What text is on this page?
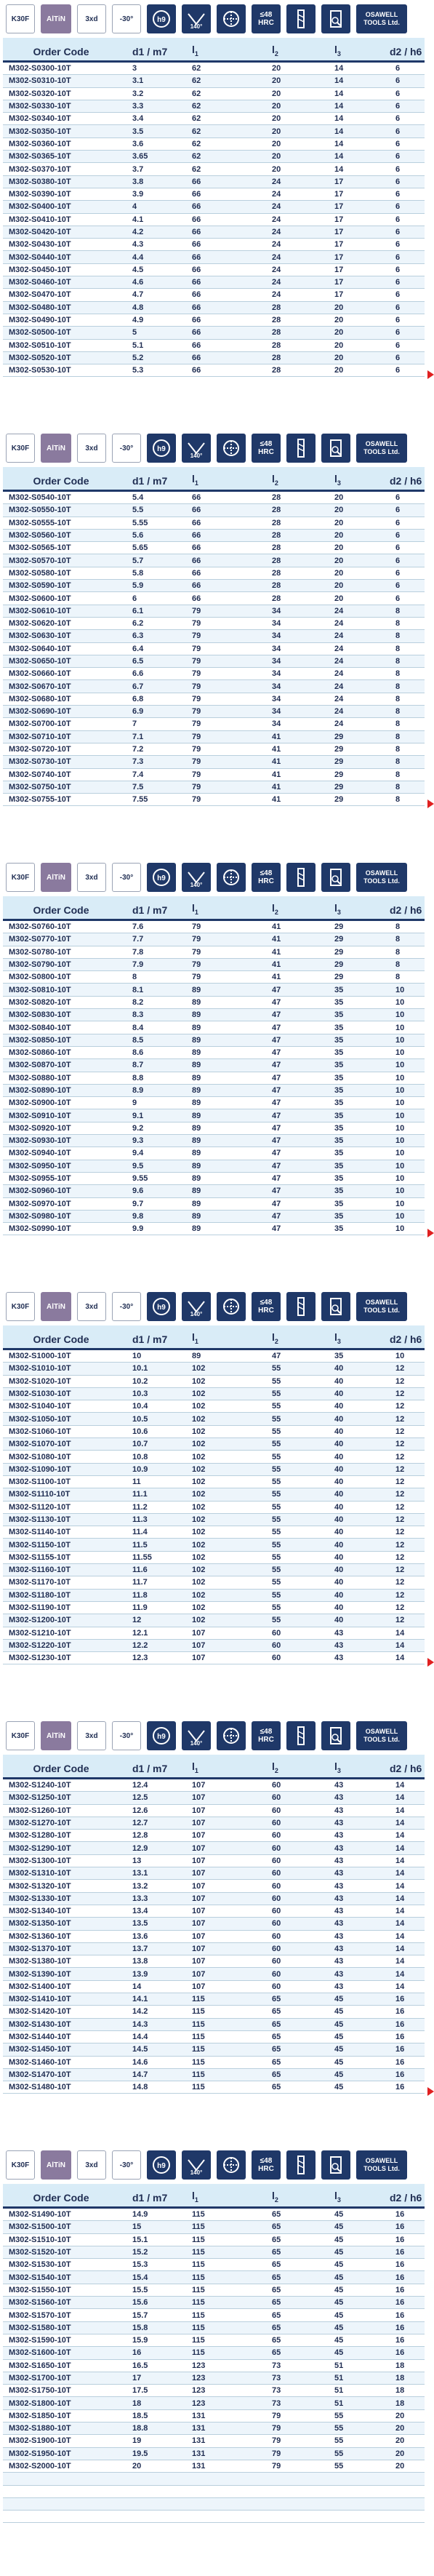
K30F	AlTiN	3xd	-30°	h9
140°
≤48 HRC
OSAWELL TOOLS Ltd.
Order Code	d1 / m7	$l_1$	$l_2$	$l_3$	d2 / h6
M302-S0300-10T	3	62	20	14	6
M302-S0310-10T	3.1	62	20	14	6
M302-S0320-10T	3.2	62	20	14	6
M302-S0330-10T	3.3	62	20	14	6
M302-S0340-10T	3.4	62	20	14	6
M302-S0350-10T	3.5	62	20	14	6
M302-S0360-10T	3.6	62	20	14	6
M302-S0365-10T	3.65	62	20	14	6
M302-S0370-10T	3.7	62	20	14	6
M302-S0380-10T	3.8	66	24	17	6
M302-S0390-10T	3.9	66	24	17	6
M302-S0400-10T	4	66	24	17	6
M302-S0410-10T	4.1	66	24	17	6
M302-S0420-10T	4.2	66	24	17	6
M302-S0430-10T	4.3	66	24	17	6
M302-S0440-10T	4.4	66	24	17	6
M302-S0450-10T	4.5	66	24	17	6
M302-S0460-10T	4.6	66	24	17	6
M302-S0470-10T	4.7	66	24	17	6
M302-S0480-10T	4.8	66	28	20	6
M302-S0490-10T	4.9	66	28	20	6
M302-S0500-10T	5	66	28	20	6
M302-S0510-10T	5.1	66	28	20	6
M302-S0520-10T	5.2	66	28	20	6
M302-S0530-10T	5.3	66	28	20	6
K30F	AlTiN	3xd	-30°	h9
140°
≤48 HRC
OSAWELL TOOLS Ltd.
Order Code	d1 / m7	$l_1$	$l_2$	$l_3$	d2 / h6
M302-S0540-10T	5.4	66	28	20	6
M302-S0550-10T	5.5	66	28	20	6
M302-S0555-10T	5.55	66	28	20	6
M302-S0560-10T	5.6	66	28	20	6
M302-S0565-10T	5.65	66	28	20	6
M302-S0570-10T	5.7	66	28	20	6
M302-S0580-10T	5.8	66	28	20	6
M302-S0590-10T	5.9	66	28	20	6
M302-S0600-10T	6	66	28	20	6
M302-S0610-10T	6.1	79	34	24	8
M302-S0620-10T	6.2	79	34	24	8
M302-S0630-10T	6.3	79	34	24	8
M302-S0640-10T	6.4	79	34	24	8
M302-S0650-10T	6.5	79	34	24	8
M302-S0660-10T	6.6	79	34	24	8
M302-S0670-10T	6.7	79	34	24	8
M302-S0680-10T	6.8	79	34	24	8
M302-S0690-10T	6.9	79	34	24	8
M302-S0700-10T	7	79	34	24	8
M302-S0710-10T	7.1	79	41	29	8
M302-S0720-10T	7.2	79	41	29	8
M302-S0730-10T	7.3	79	41	29	8
M302-S0740-10T	7.4	79	41	29	8
M302-S0750-10T	7.5	79	41	29	8
M302-S0755-10T	7.55	79	41	29	8
K30F	AlTiN	3xd	-30°	h9
140°
≤48 HRC
OSAWELL TOOLS Ltd.
Order Code	d1 / m7	$l_1$	$l_2$	$l_3$	d2 / h6
M302-S0760-10T	7.6	79	41	29	8
M302-S0770-10T	7.7	79	41	29	8
M302-S0780-10T	7.8	79	41	29	8
M302-S0790-10T	7.9	79	41	29	8
M302-S0800-10T	8	79	41	29	8
M302-S0810-10T	8.1	89	47	35	10
M302-S0820-10T	8.2	89	47	35	10
M302-S0830-10T	8.3	89	47	35	10
M302-S0840-10T	8.4	89	47	35	10
M302-S0850-10T	8.5	89	47	35	10
M302-S0860-10T	8.6	89	47	35	10
M302-S0870-10T	8.7	89	47	35	10
M302-S0880-10T	8.8	89	47	35	10
M302-S0890-10T	8.9	89	47	35	10
M302-S0900-10T	9	89	47	35	10
M302-S0910-10T	9.1	89	47	35	10
M302-S0920-10T	9.2	89	47	35	10
M302-S0930-10T	9.3	89	47	35	10
M302-S0940-10T	9.4	89	47	35	10
M302-S0950-10T	9.5	89	47	35	10
M302-S0955-10T	9.55	89	47	35	10
M302-S0960-10T	9.6	89	47	35	10
M302-S0970-10T	9.7	89	47	35	10
M302-S0980-10T	9.8	89	47	35	10
M302-S0990-10T	9.9	89	47	35	10
K30F	AlTiN	3xd	-30°	h9
140°
≤48 HRC
OSAWELL TOOLS Ltd.
Order Code	d1 / m7	$l_1$	$l_2$	$l_3$	d2 / h6
M302-S1000-10T	10	89	47	35	10
M302-S1010-10T	10.1	102	55	40	12
M302-S1020-10T	10.2	102	55	40	12
M302-S1030-10T	10.3	102	55	40	12
M302-S1040-10T	10.4	102	55	40	12
M302-S1050-10T	10.5	102	55	40	12
M302-S1060-10T	10.6	102	55	40	12
M302-S1070-10T	10.7	102	55	40	12
M302-S1080-10T	10.8	102	55	40	12
M302-S1090-10T	10.9	102	55	40	12
M302-S1100-10T	11	102	55	40	12
M302-S1110-10T	11.1	102	55	40	12
M302-S1120-10T	11.2	102	55	40	12
M302-S1130-10T	11.3	102	55	40	12
M302-S1140-10T	11.4	102	55	40	12
M302-S1150-10T	11.5	102	55	40	12
M302-S1155-10T	11.55	102	55	40	12
M302-S1160-10T	11.6	102	55	40	12
M302-S1170-10T	11.7	102	55	40	12
M302-S1180-10T	11.8	102	55	40	12
M302-S1190-10T	11.9	102	55	40	12
M302-S1200-10T	12	102	55	40	12
M302-S1210-10T	12.1	107	60	43	14
M302-S1220-10T	12.2	107	60	43	14
M302-S1230-10T	12.3	107	60	43	14
K30F	AlTiN	3xd	-30°	h9
140°
≤48 HRC
OSAWELL TOOLS Ltd.
Order Code	d1 / m7	$l_1$	$l_2$	$l_3$	d2 / h6
M302-S1240-10T	12.4	107	60	43	14
M302-S1250-10T	12.5	107	60	43	14
M302-S1260-10T	12.6	107	60	43	14
M302-S1270-10T	12.7	107	60	43	14
M302-S1280-10T	12.8	107	60	43	14
M302-S1290-10T	12.9	107	60	43	14
M302-S1300-10T	13	107	60	43	14
M302-S1310-10T	13.1	107	60	43	14
M302-S1320-10T	13.2	107	60	43	14
M302-S1330-10T	13.3	107	60	43	14
M302-S1340-10T	13.4	107	60	43	14
M302-S1350-10T	13.5	107	60	43	14
M302-S1360-10T	13.6	107	60	43	14
M302-S1370-10T	13.7	107	60	43	14
M302-S1380-10T	13.8	107	60	43	14
M302-S1390-10T	13.9	107	60	43	14
M302-S1400-10T	14	107	60	43	14
M302-S1410-10T	14.1	115	65	45	16
M302-S1420-10T	14.2	115	65	45	16
M302-S1430-10T	14.3	115	65	45	16
M302-S1440-10T	14.4	115	65	45	16
M302-S1450-10T	14.5	115	65	45	16
M302-S1460-10T	14.6	115	65	45	16
M302-S1470-10T	14.7	115	65	45	16
M302-S1480-10T	14.8	115	65	45	16
K30F	AlTiN	3xd	-30°	h9
140°
≤48 HRC
OSAWELL TOOLS Ltd.
Order Code	d1 / m7	$l_1$	$l_2$	$l_3$	d2 / h6
M302-S1490-10T	14.9	115	65	45	16
M302-S1500-10T	15	115	65	45	16
M302-S1510-10T	15.1	115	65	45	16
M302-S1520-10T	15.2	115	65	45	16
M302-S1530-10T	15.3	115	65	45	16
M302-S1540-10T	15.4	115	65	45	16
M302-S1550-10T	15.5	115	65	45	16
M302-S1560-10T	15.6	115	65	45	16
M302-S1570-10T	15.7	115	65	45	16
M302-S1580-10T	15.8	115	65	45	16
M302-S1590-10T	15.9	115	65	45	16
M302-S1600-10T	16	115	65	45	16
M302-S1650-10T	16.5	123	73	51	18
M302-S1700-10T	17	123	73	51	18
M302-S1750-10T	17.5	123	73	51	18
M302-S1800-10T	18	123	73	51	18
M302-S1850-10T	18.5	131	79	55	20
M302-S1880-10T	18.8	131	79	55	20
M302-S1900-10T	19	131	79	55	20
M302-S1950-10T	19.5	131	79	55	20
M302-S2000-10T	20	131	79	55	20
